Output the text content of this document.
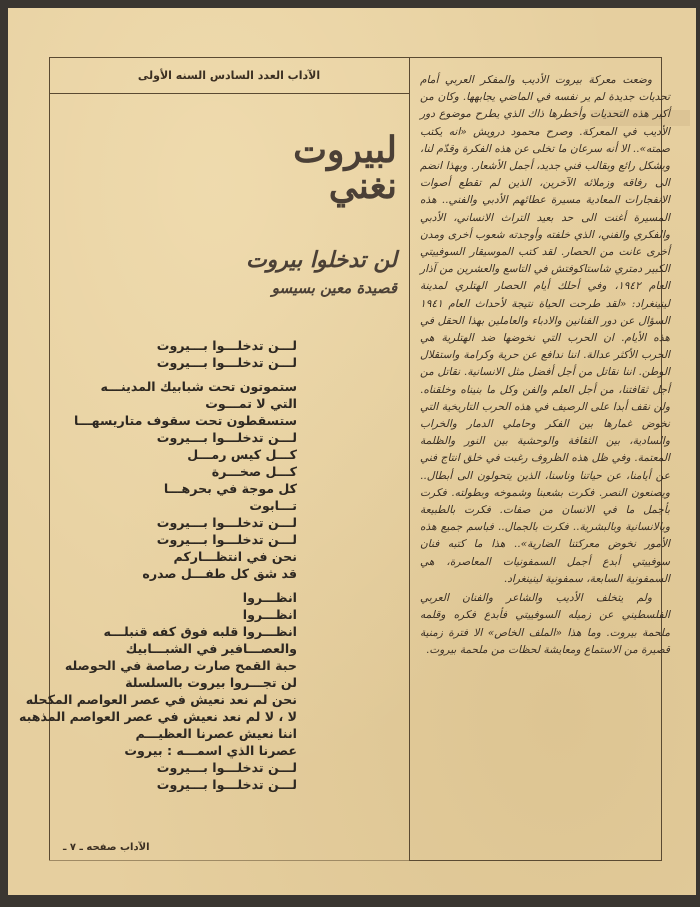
الآداب العدد السادس السنه الأولى
لبيروت
نغني
لن تدخلوا بيروت
قصيدة معين بسيسو
لـــن تدخلـــوا بـــيروت
لـــن تدخلـــوا بـــيروت
ستموتون تحت شبابيك المدينـــه
التي لا تمـــوت
ستسقطون تحت سقوف متاريسهـــا
لـــن تدخلـــوا بـــيروت
كـــل كيس رمـــل
كـــل صخـــرة
كل موجة في بحرهـــا
تـــابوت
لـــن تدخلـــوا بـــيروت
لـــن تدخلـــوا بـــيروت
نحن في انتظـــاركم
قد شق كل طفـــل صدره
انظـــروا
انظـــروا
انظـــروا قلبه فوق كفه قنبلـــه
والعصـــافير في الشبـــابيك
حبة القمح صارت رصاصة في الحوصله
لن تجـــروا بيروت بالسلسلة
نحن لم نعد نعيش في عصر العواصم المكحله
لا ، لا لم نعد نعيش في عصر العواصم المذهبه
اننا نعيش عصرنا العظيـــم
عصرنا الذي اسمـــه : بيروت
لـــن تدخلـــوا بـــيروت
لـــن تدخلـــوا بـــيروت
الآداب صفحه ـ ٧ ـ

وضعت معركة بيروت الأديب والمفكر العربي أمام تحديات جديدة لم ير نفسه في الماضي يجابهها. وكان من أكبر هذه التحديات وأخطرها ذاك الذي يطرح موضوع دور الأديب في المعركة. وصرح محمود درويش «انه يكتب صمته».. الا أنه سرعان ما تخلى عن هذه الفكرة وقدّم لنا، وبشكل رائع وبقالب فني جديد، أجمل الأشعار. وبهذا انضم الى رفاقه وزملائه الآخرين، الذين لم تقطع أصوات الانفجارات المعادية مسيرة عطائهم الأدبي والفني.. هذه المسيرة أغنت الى حد بعيد التراث الانساني، الأدبي والفكري والفني، الذي خلفته وأوجدته شعوب أخرى ومدن أخرى عانت من الحصار. لقد كتب الموسيقار السوفييتي الكبير دمتري شاستاكوفتش في التاسع والعشرين من آذار العام ١٩٤٢، وفي أحلك أيام الحصار الهتلري لمدينة لينينغراد: «لقد طرحت الحياة نتيجة لأحداث العام ١٩٤١ السؤال عن دور الفنانين والادباء والعاملين بهذا الحقل في هذه الأيام. ان الحرب التي نخوضها ضد الهتلرية هي الحرب الأكثر عدالة. اننا ندافع عن حرية وكرامة واستقلال الوطن. اننا نقاتل من أجل أفضل مثل الانسانية. نقاتل من أجل ثقافتنا، من أجل العلم والفن وكل ما بنيناه وخلقناه. ولن نقف أبدا على الرصيف في هذه الحرب التاريخية التي نخوض غمارها بين الفكر وحاملي الدمار والخراب والسادية، بين الثقافة والوحشية بين النور والظلمة المعتمة. وفي ظل هذه الظروف رغبت في خلق انتاج فني عن أيامنا، عن حياتنا وناسنا، الذين يتحولون الى أبطال.. ويصنعون النصر. فكرت بشعبنا وشموخه وبطولته. فكرت بأجمل ما في الانسان من صفات. فكرت بالطبيعة وبالانسانية وبالبشرية.. فكرت بالجمال.. فباسم جميع هذه الأمور نخوض معركتنا الضارية».. هذا ما كتبه فنان سوفييتي أبدع أجمل السمفونيات المعاصرة، هي السمفونية السابعة، سمفونية لينينغراد.

ولم يتخلف الأديب والشاعر والفنان العربي الفلسطيني عن زميله السوفييتي فأبدع فكره وقلمه ملحمة بيروت. وما هذا «الملف الخاص» الا فترة زمنية قصيرة من الاستماع ومعايشة لحظات من ملحمة بيروت.
